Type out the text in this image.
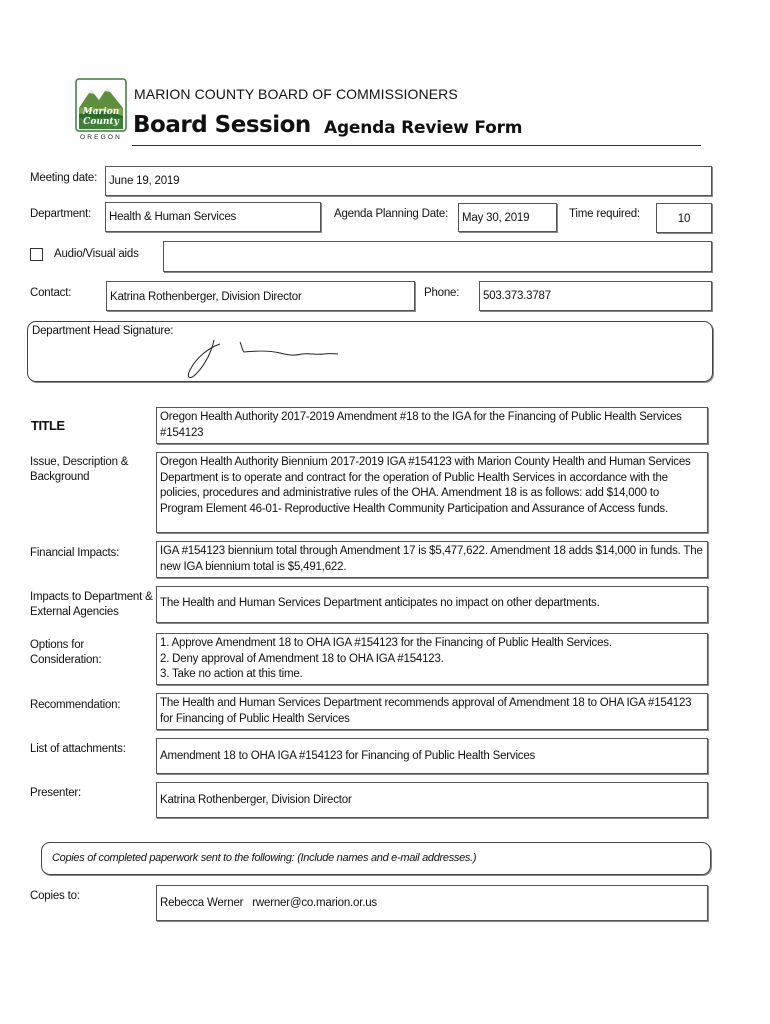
Marion
County
OREGON
MARION COUNTY BOARD OF COMMISSIONERS
Board Session Agenda Review Form
Meeting date: June 19, 2019
Department: Health & Human Services	Agenda Planning Date: May 30, 2019	Time required:	10
Audio/Visual aids
Contact:	Katrina Rothenberger, Division Director	Phone: 503.373.3787
Department Head Signature:
TITLE
Oregon Health Authority 2017-2019 Amendment #18 to the IGA for the Financing of Public Health Services #154123
Issue, Description & Background
Oregon Health Authority Biennium 2017-2019 IGA #154123 with Marion County Health and Human Services Department is to operate and contract for the operation of Public Health Services in accordance with the policies, procedures and administrative rules of the OHA. Amendment 18 is as follows: add $14,000 to Program Element 46-01- Reproductive Health Community Participation and Assurance of Access funds.
Financial Impacts:	IGA #154123 biennium total through Amendment 17 is $5,477,622. Amendment 18 adds $14,000 in funds. The new IGA biennium total is $5,491,622.
Impacts to Department & External Agencies
The Health and Human Services Department anticipates no impact on other departments.
Options for Consideration:
1. Approve Amendment 18 to OHA IGA #154123 for the Financing of Public Health Services.
2. Deny approval of Amendment 18 to OHA IGA #154123.
3. Take no action at this time.
Recommendation:	The Health and Human Services Department recommends approval of Amendment 18 to OHA IGA #154123 for Financing of Public Health Services
List of attachments:
Amendment 18 to OHA IGA #154123 for Financing of Public Health Services
Presenter:
Katrina Rothenberger, Division Director
Copies of completed paperwork sent to the following: (Include names and e-mail addresses.)
Copies to:
Rebecca Werner   rwerner@co.marion.or.us
